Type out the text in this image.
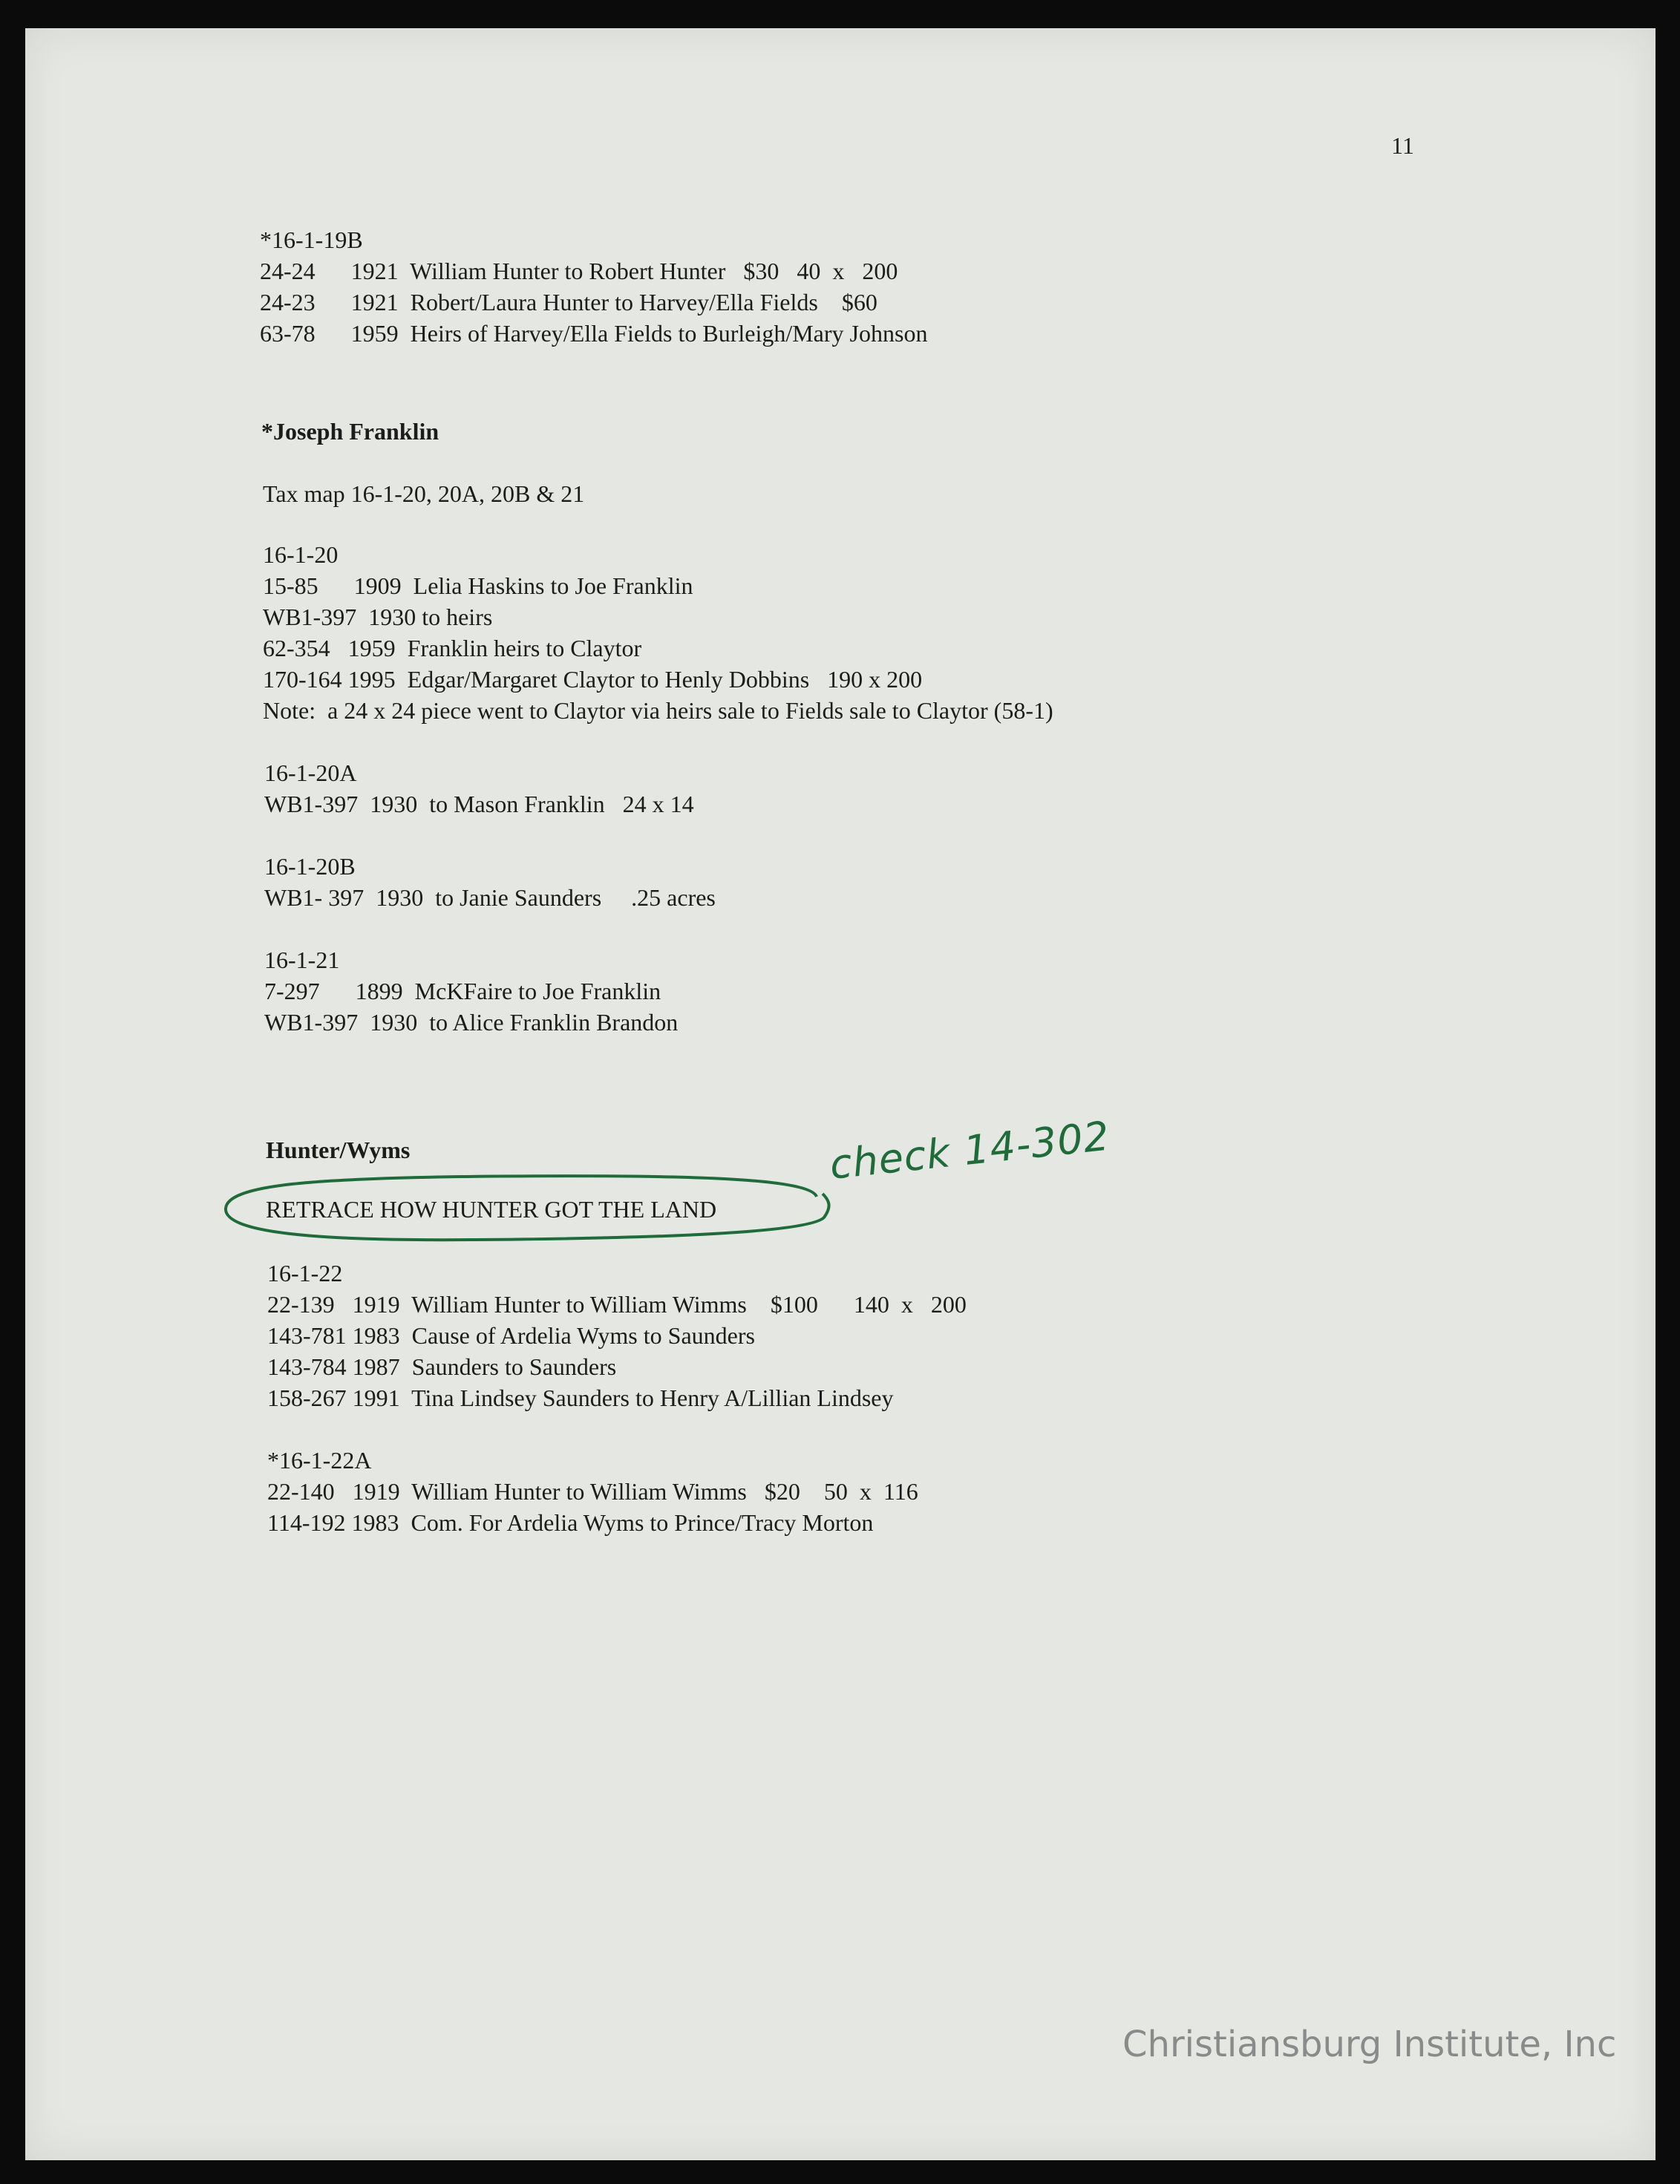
11
*16-1-19B
24-24      1921  William Hunter to Robert Hunter   $30   40  x   200
24-23      1921  Robert/Laura Hunter to Harvey/Ella Fields    $60
63-78      1959  Heirs of Harvey/Ella Fields to Burleigh/Mary Johnson
*Joseph Franklin
Tax map 16-1-20, 20A, 20B & 21
16-1-20
15-85      1909  Lelia Haskins to Joe Franklin
WB1-397  1930 to heirs
62-354   1959  Franklin heirs to Claytor
170-164 1995  Edgar/Margaret Claytor to Henly Dobbins   190 x 200
Note:  a 24 x 24 piece went to Claytor via heirs sale to Fields sale to Claytor (58-1)
16-1-20A
WB1-397  1930  to Mason Franklin   24 x 14
16-1-20B
WB1- 397  1930  to Janie Saunders     .25 acres
16-1-21
7-297      1899  McKFaire to Joe Franklin
WB1-397  1930  to Alice Franklin Brandon
Hunter/Wyms
RETRACE HOW HUNTER GOT THE LAND
check 14-302
16-1-22
22-139   1919  William Hunter to William Wimms    $100      140  x   200
143-781 1983  Cause of Ardelia Wyms to Saunders
143-784 1987  Saunders to Saunders
158-267 1991  Tina Lindsey Saunders to Henry A/Lillian Lindsey
*16-1-22A
22-140   1919  William Hunter to William Wimms   $20    50  x  116
114-192 1983  Com. For Ardelia Wyms to Prince/Tracy Morton
Christiansburg Institute, Inc
